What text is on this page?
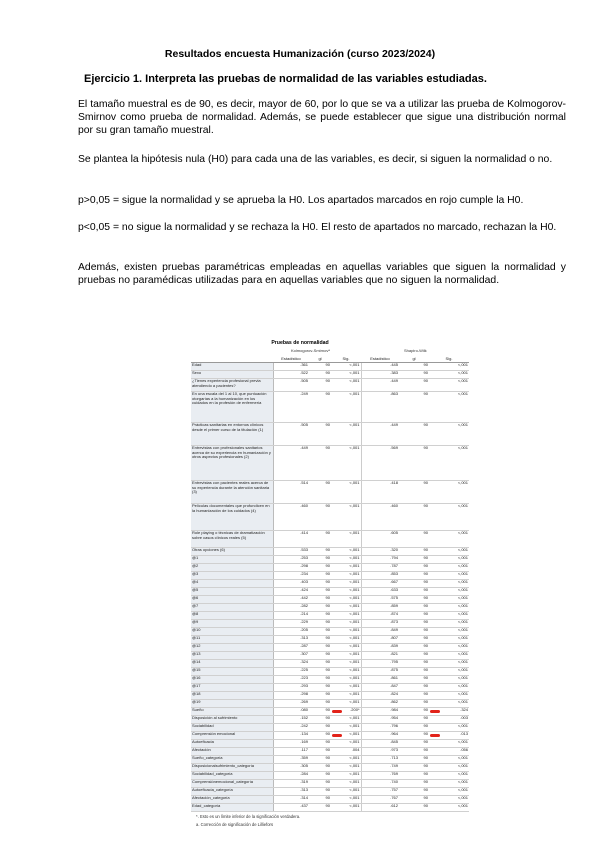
Resultados encuesta Humanización (curso 2023/2024)
Ejercicio 1. Interpreta las pruebas de normalidad de las variables estudiadas.
El tamaño muestral es de 90, es decir, mayor de 60, por lo que se va a utilizar las prueba de Kolmogorov-Smirnov como prueba de normalidad. Además, se puede establecer que sigue una distribución normal por su gran tamaño muestral.
Se plantea la hipótesis nula (H0) para cada una de las variables, es decir, si siguen la normalidad o no.
p>0,05 = sigue la normalidad y se aprueba la H0. Los apartados marcados en rojo cumple la H0.
p<0,05 = no sigue la normalidad y se rechaza la H0. El resto de apartados no marcado, rechazan la H0.
Además, existen pruebas paramétricas empleadas en aquellas variables que siguen la normalidad y pruebas no paramédicas utilizadas para en aquellas variables que no siguen la normalidad.
Pruebas de normalidad
Kolmogorov-Smirnovᵃ	Shapiro-Wilk
	Estadístico	gl	Sig.	Estadístico	gl	Sig.
Edad	.361	90	<,001	.445	90	<,001
Sexo	.522	90	<,001	.383	90	<,001
¿Tienes experiencia profesional previa atendiendo a pacientes?	.505	90	<,001	.449	90	<,001
En una escala del 1 al 10, que puntuación otorgarías a la humanización en los cuidados en la profesión de enfermería	.249	90	<,001	.863	90	<,001
Prácticas sanitarias en entornos clínicos desde el primer curso de la titulación (1)	.505	90	<,001	.449	90	<,001
Entrevistas con profesionales sanitarios acerca de su experiencia en humanización y otros aspectos profesionales (2)	.449	90	<,001	.569	90	<,001
Entrevistas con pacientes reales acerca de su experiencia durante la atención sanitaria (3)	.514	90	<,001	.418	90	<,001
Películas documentales que profundicen en la humanización de los cuidados (4)	.460	90	<,001	.460	90	<,001
Role playing o técnicas de dramatización sobre casos clínicos reales (5)	.414	90	<,001	.605	90	<,001
Otras opciones (6)	.533	90	<,001	.320	90	<,001
@1	.253	90	<,001	.794	90	<,001
@2	.298	90	<,001	.787	90	<,001
@3	.234	90	<,001	.853	90	<,001
@4	.403	90	<,001	.667	90	<,001
@5	.424	90	<,001	.633	90	<,001
@6	.442	90	<,001	.575	90	<,001
@7	.282	90	<,001	.859	90	<,001
@8	.214	90	<,001	.874	90	<,001
@9	.229	90	<,001	.873	90	<,001
@10	.205	90	<,001	.849	90	<,001
@11	.313	90	<,001	.807	90	<,001
@12	.287	90	<,001	.839	90	<,001
@13	.307	90	<,001	.821	90	<,001
@14	.324	90	<,001	.795	90	<,001
@15	.225	90	<,001	.875	90	<,001
@16	.223	90	<,001	.861	90	<,001
@17	.293	90	<,001	.847	90	<,001
@18	.298	90	<,001	.824	90	<,001
@19	.269	90	<,001	.862	90	<,001
Sueño	.080	90	.200*	.984	90	.324
Disposición al sufrimiento	.152	90	<,001	.954	90	.003
Sociabilidad	.242	90	<,001	.796	90	<,001
Comprensión emocional	.134	90	<,001	.964	90	.013
Autoeficacia	.169	90	<,001	.845	90	<,001
Afectación	.117	90	.004	.973	90	.056
Sueño_categoría	.359	90	<,001	.713	90	<,001
Disposicionalsufrimiento_categoría	.305	90	<,001	.749	90	<,001
Sociabilidad_categoría	.284	90	<,001	.769	90	<,001
Comprensiónemocional_categoría	.319	90	<,001	.740	90	<,001
Autoeficacia_categoría	.313	90	<,001	.757	90	<,001
Afectación_categoría	.314	90	<,001	.767	90	<,001
Edad_categoría	.437	90	<,001	.612	90	<,001
*. Esto es un límite inferior de la significación verdadera.
a. Corrección de significación de Lilliefors
